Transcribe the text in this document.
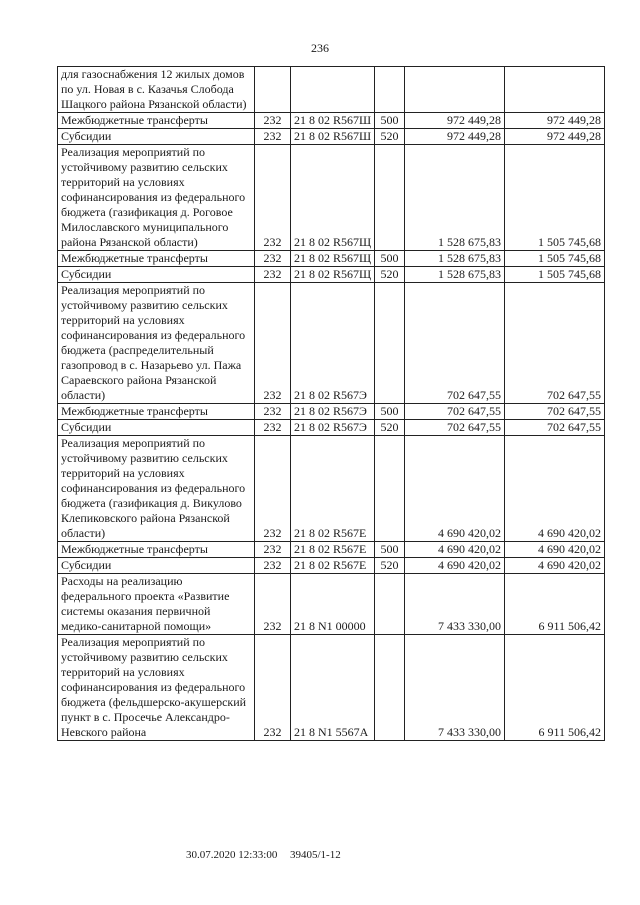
236
для газоснабжения 12 жилых домов по ул. Новая в с. Казачья Слобода Шацкого района Рязанской области)					

Межбюджетные трансферты	232	21 8 02 R567Ш	500	972 449,28	972 449,28

Субсидии	232	21 8 02 R567Ш	520	972 449,28	972 449,28

Реализация мероприятий по устойчивому развитию сельских территорий на условиях софинансирования из федерального бюджета (газификация д. Роговое Милославского муниципального района Рязанской области)	232	21 8 02 R567Щ		1 528 675,83	1 505 745,68

Межбюджетные трансферты	232	21 8 02 R567Щ	500	1 528 675,83	1 505 745,68

Субсидии	232	21 8 02 R567Щ	520	1 528 675,83	1 505 745,68

Реализация мероприятий по устойчивому развитию сельских территорий на условиях софинансирования из федерального бюджета (распределительный газопровод в с. Назарьево ул. Пажа Сараевского района Рязанской области)	232	21 8 02 R567Э		702 647,55	702 647,55

Межбюджетные трансферты	232	21 8 02 R567Э	500	702 647,55	702 647,55

Субсидии	232	21 8 02 R567Э	520	702 647,55	702 647,55

Реализация мероприятий по устойчивому развитию сельских территорий на условиях софинансирования из федерального бюджета (газификация д. Викулово Клепиковского района Рязанской области)	232	21 8 02 R567E		4 690 420,02	4 690 420,02

Межбюджетные трансферты	232	21 8 02 R567E	500	4 690 420,02	4 690 420,02

Субсидии	232	21 8 02 R567E	520	4 690 420,02	4 690 420,02

Расходы на реализацию федерального проекта «Развитие системы оказания первичной медико-санитарной помощи»	232	21 8 N1 00000		7 433 330,00	6 911 506,42

Реализация мероприятий по устойчивому развитию сельских территорий на условиях софинансирования из федерального бюджета (фельдшерско-акушерский пункт в с. Просечье Александро-Невского района	232	21 8 N1 5567A		7 433 330,00	6 911 506,42
30.07.2020 12:33:00 39405/1-12
